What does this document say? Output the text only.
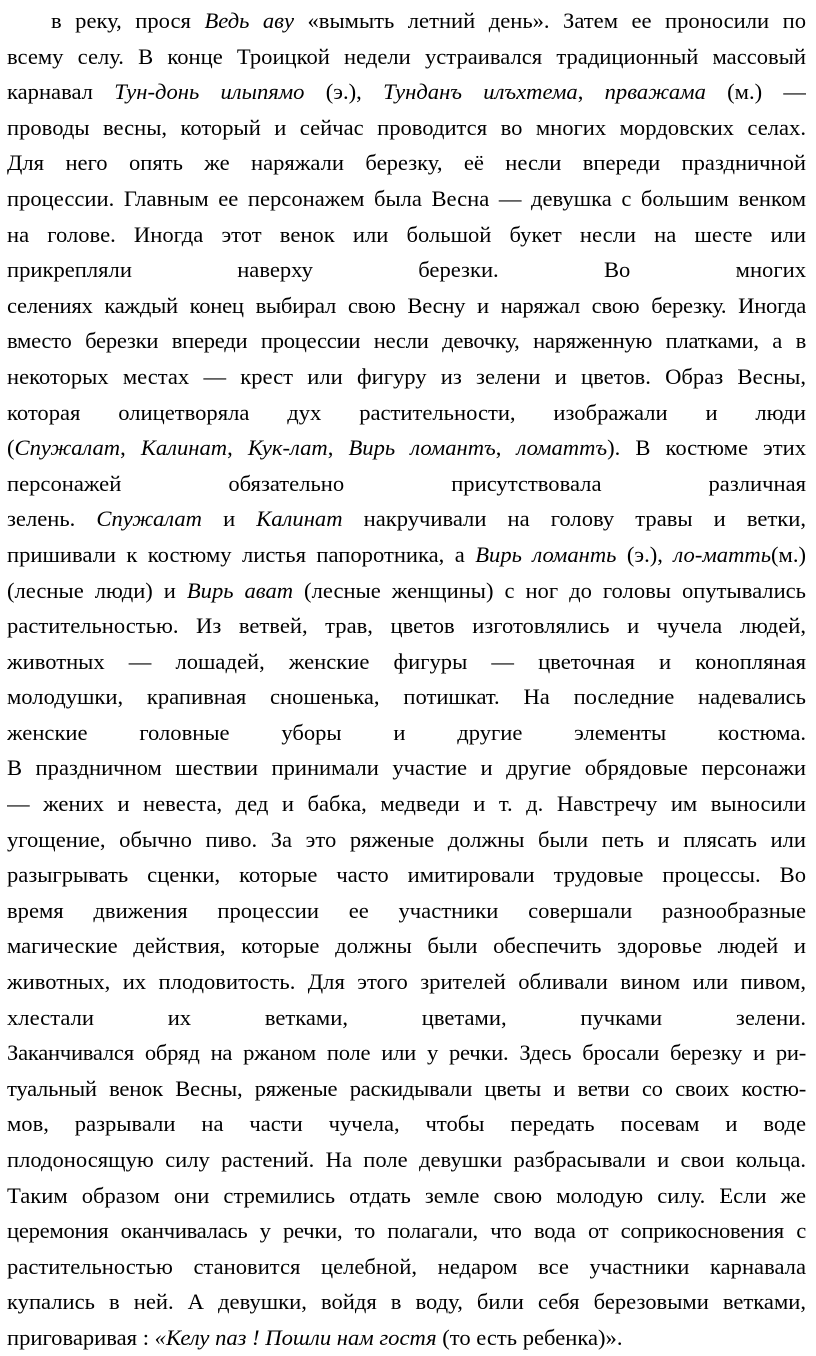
в реку, прося Ведь аву «вымыть летний день». Затем ее проносили по
всему селу. В конце Троицкой недели устраивался традиционный массовый
карнавал Тун-донь илыпямо (э.), Тунданъ илъхтема, пpважама (м.) —
проводы весны, который и сейчас проводится во многих мордовских селах.
Для него опять же наряжали березку, её несли впереди праздничной
процессии. Главным ее персонажем была Весна — девушка с большим венком
на голове. Иногда этот венок или большой букет несли на шесте или
прикрепляли наверху березки. Во многих
селениях каждый конец выбирал свою Весну и наряжал свою березку. Иногда
вместо березки впереди процессии несли девочку, наряженную платками, а в
некоторых местах — крест или фигуру из зелени и цветов. Образ Весны,
которая олицетворяла дух растительности, изображали и люди
(Спужалат, Калинат, Кук-лат, Вирь ломантъ, ломаттъ). В костюме этих
персонажей обязательно присутствовала различная
зелень. Спужалат и Калинат накручивали на голову травы и ветки,
пришивали к костюму листья папоротника, а Вирь ломанть (э.), ло-матть(м.)
(лесные люди) и Вирь ават (лесные женщины) с ног до головы опутывались
растительностью. Из ветвей, трав, цветов изготовлялись и чучела людей,
животных — лошадей, женские фигуры — цветочная и конопляная
молодушки, крапивная сношенька, потишкат. На последние надевались
женские головные уборы и другие элементы костюма.
В праздничном шествии принимали участие и другие обрядовые персонажи
— жених и невеста, дед и бабка, медведи и т. д. Навстречу им выносили
угощение, обычно пиво. За это ряженые должны были петь и плясать или
разыгрывать сценки, которые часто имитировали трудовые процессы. Во
время движения процессии ее участники совершали разнообразные
магические действия, которые должны были обеспечить здоровье людей и
животных, их плодовитость. Для этого зрителей обливали вином или пивом,
хлестали их ветками, цветами, пучками зелени.
Заканчивался обряд на ржаном поле или у речки. Здесь бросали березку и ри-
туальный венок Весны, ряженые раскидывали цветы и ветви со своих костю-
мов, разрывали на части чучела, чтобы передать посевам и воде
плодоносящую силу растений. На поле девушки разбрасывали и свои кольца.
Таким образом они стремились отдать земле свою молодую силу. Если же
церемония оканчивалась у речки, то полагали, что вода от соприкосновения с
растительностью становится целебной, недаром все участники карнавала
купались в ней. А девушки, войдя в воду, били себя березовыми ветками,
приговаривая : «Келу паз ! Пошли нам гостя (то есть ребенка)».
